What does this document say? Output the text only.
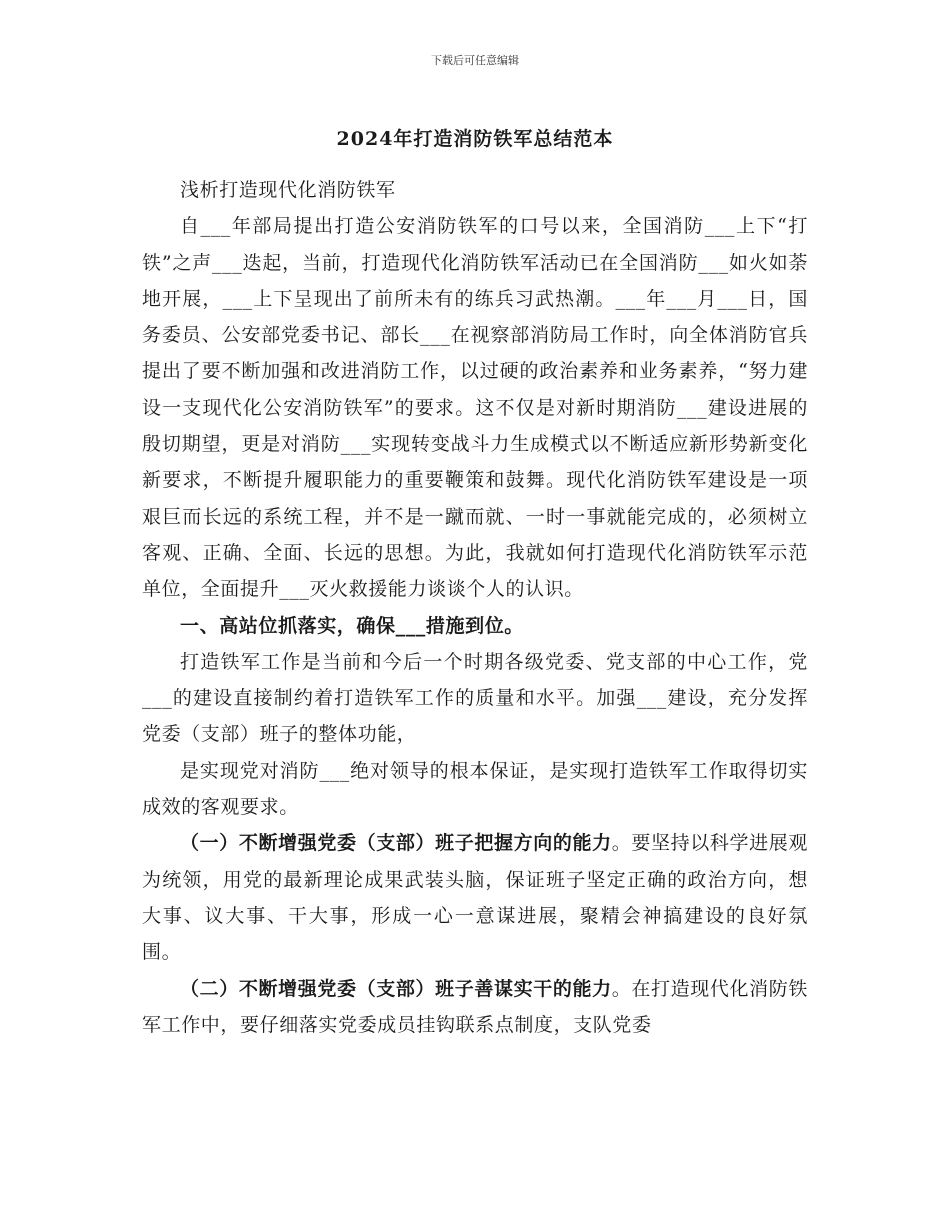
下载后可任意编辑
2024年打造消防铁军总结范本

浅析打造现代化消防铁军

自___年部局提出打造公安消防铁军的口号以来，全国消防___上下“打铁”之声___迭起，当前，打造现代化消防铁军活动已在全国消防___如火如荼地开展，___上下呈现出了前所未有的练兵习武热潮。___年___月___日，国务委员、公安部党委书记、部长___在视察部消防局工作时，向全体消防官兵提出了要不断加强和改进消防工作，以过硬的政治素养和业务素养，“努力建设一支现代化公安消防铁军”的要求。这不仅是对新时期消防___建设进展的殷切期望，更是对消防___实现转变战斗力生成模式以不断适应新形势新变化新要求，不断提升履职能力的重要鞭策和鼓舞。现代化消防铁军建设是一项艰巨而长远的系统工程，并不是一蹴而就、一时一事就能完成的，必须树立客观、正确、全面、长远的思想。为此，我就如何打造现代化消防铁军示范单位，全面提升___灭火救援能力谈谈个人的认识。

一、高站位抓落实，确保___措施到位。

打造铁军工作是当前和今后一个时期各级党委、党支部的中心工作，党___的建设直接制约着打造铁军工作的质量和水平。加强___建设，充分发挥党委（支部）班子的整体功能，

是实现党对消防___绝对领导的根本保证，是实现打造铁军工作取得切实成效的客观要求。

（一）不断增强党委（支部）班子把握方向的能力。要坚持以科学进展观为统领，用党的最新理论成果武装头脑，保证班子坚定正确的政治方向，想大事、议大事、干大事，形成一心一意谋进展，聚精会神搞建设的良好氛围。

（二）不断增强党委（支部）班子善谋实干的能力。在打造现代化消防铁军工作中，要仔细落实党委成员挂钩联系点制度，支队党委
